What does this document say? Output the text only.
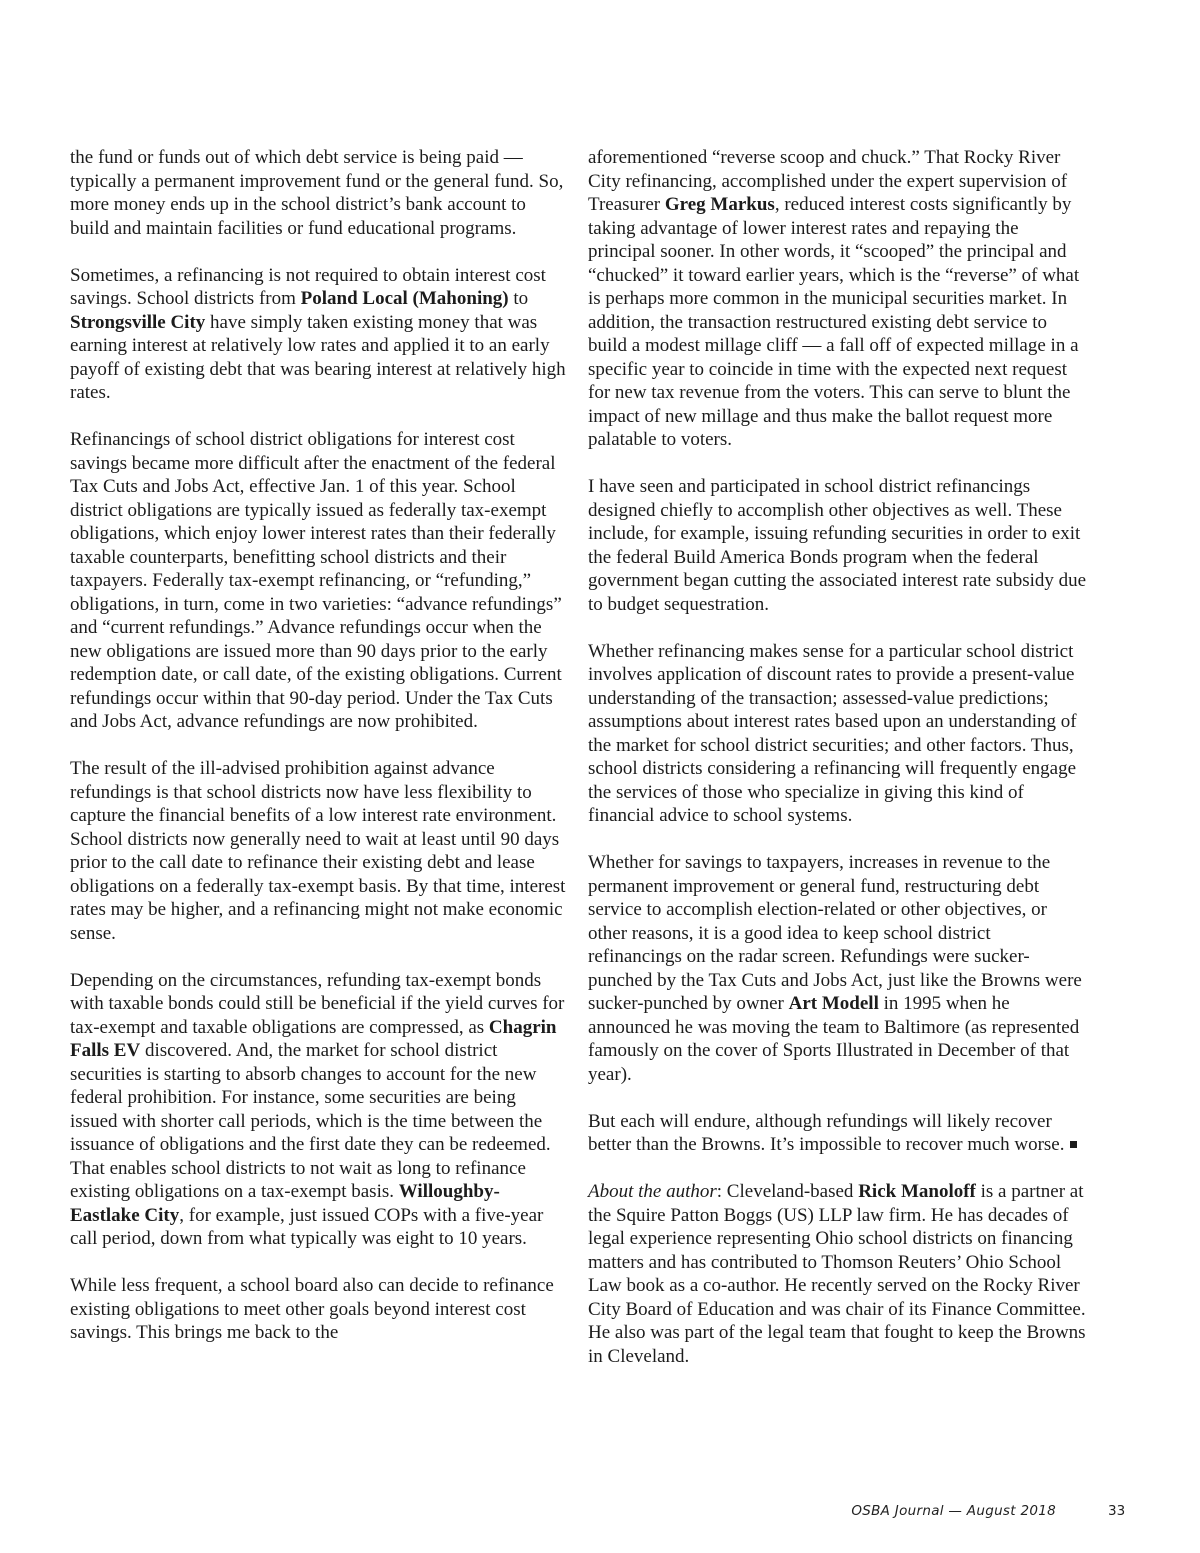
the fund or funds out of which debt service is being paid — typically a permanent improvement fund or the general fund. So, more money ends up in the school district’s bank account to build and maintain facilities or fund educational programs.

Sometimes, a refinancing is not required to obtain interest cost savings. School districts from Poland Local (Mahoning) to Strongsville City have simply taken existing money that was earning interest at relatively low rates and applied it to an early payoff of existing debt that was bearing interest at relatively high rates.

Refinancings of school district obligations for interest cost savings became more difficult after the enactment of the federal Tax Cuts and Jobs Act, effective Jan. 1 of this year. School district obligations are typically issued as federally tax-exempt obligations, which enjoy lower interest rates than their federally taxable counterparts, benefitting school districts and their taxpayers. Federally tax-exempt refinancing, or “refunding,” obligations, in turn, come in two varieties: “advance refundings” and “current refundings.” Advance refundings occur when the new obligations are issued more than 90 days prior to the early redemption date, or call date, of the existing obligations. Current refundings occur within that 90-day period. Under the Tax Cuts and Jobs Act, advance refundings are now prohibited.

The result of the ill-advised prohibition against advance refundings is that school districts now have less flexibility to capture the financial benefits of a low interest rate environment. School districts now generally need to wait at least until 90 days prior to the call date to refinance their existing debt and lease obligations on a federally tax-exempt basis. By that time, interest rates may be higher, and a refinancing might not make economic sense.

Depending on the circumstances, refunding tax-exempt bonds with taxable bonds could still be beneficial if the yield curves for tax-exempt and taxable obligations are compressed, as Chagrin Falls EV discovered. And, the market for school district securities is starting to absorb changes to account for the new federal prohibition. For instance, some securities are being issued with shorter call periods, which is the time between the issuance of obligations and the first date they can be redeemed. That enables school districts to not wait as long to refinance existing obligations on a tax-exempt basis. Willoughby-Eastlake City, for example, just issued COPs with a five-year call period, down from what typically was eight to 10 years.

While less frequent, a school board also can decide to refinance existing obligations to meet other goals beyond interest cost savings. This brings me back to the

aforementioned “reverse scoop and chuck.” That Rocky River City refinancing, accomplished under the expert supervision of Treasurer Greg Markus, reduced interest costs significantly by taking advantage of lower interest rates and repaying the principal sooner. In other words, it “scooped” the principal and “chucked” it toward earlier years, which is the “reverse” of what is perhaps more common in the municipal securities market. In addition, the transaction restructured existing debt service to build a modest millage cliff — a fall off of expected millage in a specific year to coincide in time with the expected next request for new tax revenue from the voters. This can serve to blunt the impact of new millage and thus make the ballot request more palatable to voters.

I have seen and participated in school district refinancings designed chiefly to accomplish other objectives as well. These include, for example, issuing refunding securities in order to exit the federal Build America Bonds program when the federal government began cutting the associated interest rate subsidy due to budget sequestration.

Whether refinancing makes sense for a particular school district involves application of discount rates to provide a present-value understanding of the transaction; assessed-value predictions; assumptions about interest rates based upon an understanding of the market for school district securities; and other factors. Thus, school districts considering a refinancing will frequently engage the services of those who specialize in giving this kind of financial advice to school systems.

Whether for savings to taxpayers, increases in revenue to the permanent improvement or general fund, restructuring debt service to accomplish election-related or other objectives, or other reasons, it is a good idea to keep school district refinancings on the radar screen. Refundings were sucker-punched by the Tax Cuts and Jobs Act, just like the Browns were sucker-punched by owner Art Modell in 1995 when he announced he was moving the team to Baltimore (as represented famously on the cover of Sports Illustrated in December of that year).

But each will endure, although refundings will likely recover better than the Browns. It’s impossible to recover much worse.

About the author: Cleveland-based Rick Manoloff is a partner at the Squire Patton Boggs (US) LLP law firm. He has decades of legal experience representing Ohio school districts on financing matters and has contributed to Thomson Reuters’ Ohio School Law book as a co-author. He recently served on the Rocky River City Board of Education and was chair of its Finance Committee. He also was part of the legal team that fought to keep the Browns in Cleveland.

OSBA Journal — August 2018	33
